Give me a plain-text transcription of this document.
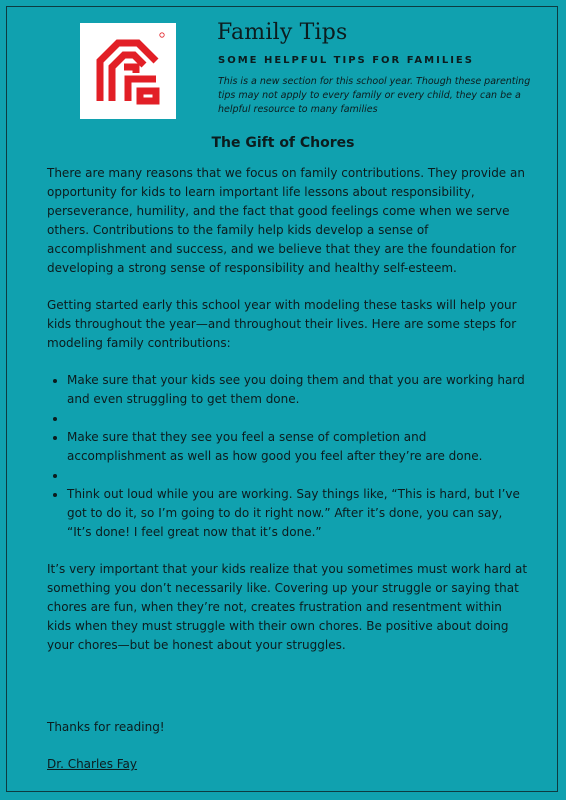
Family Tips
SOME HELPFUL TIPS FOR FAMILIES
This is a new section for this school year. Though these parenting tips may not apply to every family or every child, they can be a helpful resource to many families
The Gift of Chores

There are many reasons that we focus on family contributions. They provide an opportunity for kids to learn important life lessons about responsibility, perseverance, humility, and the fact that good feelings come when we serve others. Contributions to the family help kids develop a sense of accomplishment and success, and we believe that they are the foundation for developing a strong sense of responsibility and healthy self-esteem.

Getting started early this school year with modeling these tasks will help your kids throughout the year—and throughout their lives. Here are some steps for modeling family contributions:

• Make sure that your kids see you doing them and that you are working hard and even struggling to get them done.
•
• Make sure that they see you feel a sense of completion and accomplishment as well as how good you feel after they’re are done.
•
• Think out loud while you are working. Say things like, “This is hard, but I’ve got to do it, so I’m going to do it right now.” After it’s done, you can say, “It’s done! I feel great now that it’s done.”

It’s very important that your kids realize that you sometimes must work hard at something you don’t necessarily like. Covering up your struggle or saying that chores are fun, when they’re not, creates frustration and resentment within kids when they must struggle with their own chores. Be positive about doing your chores—but be honest about your struggles.

Thanks for reading!
Dr. Charles Fay
